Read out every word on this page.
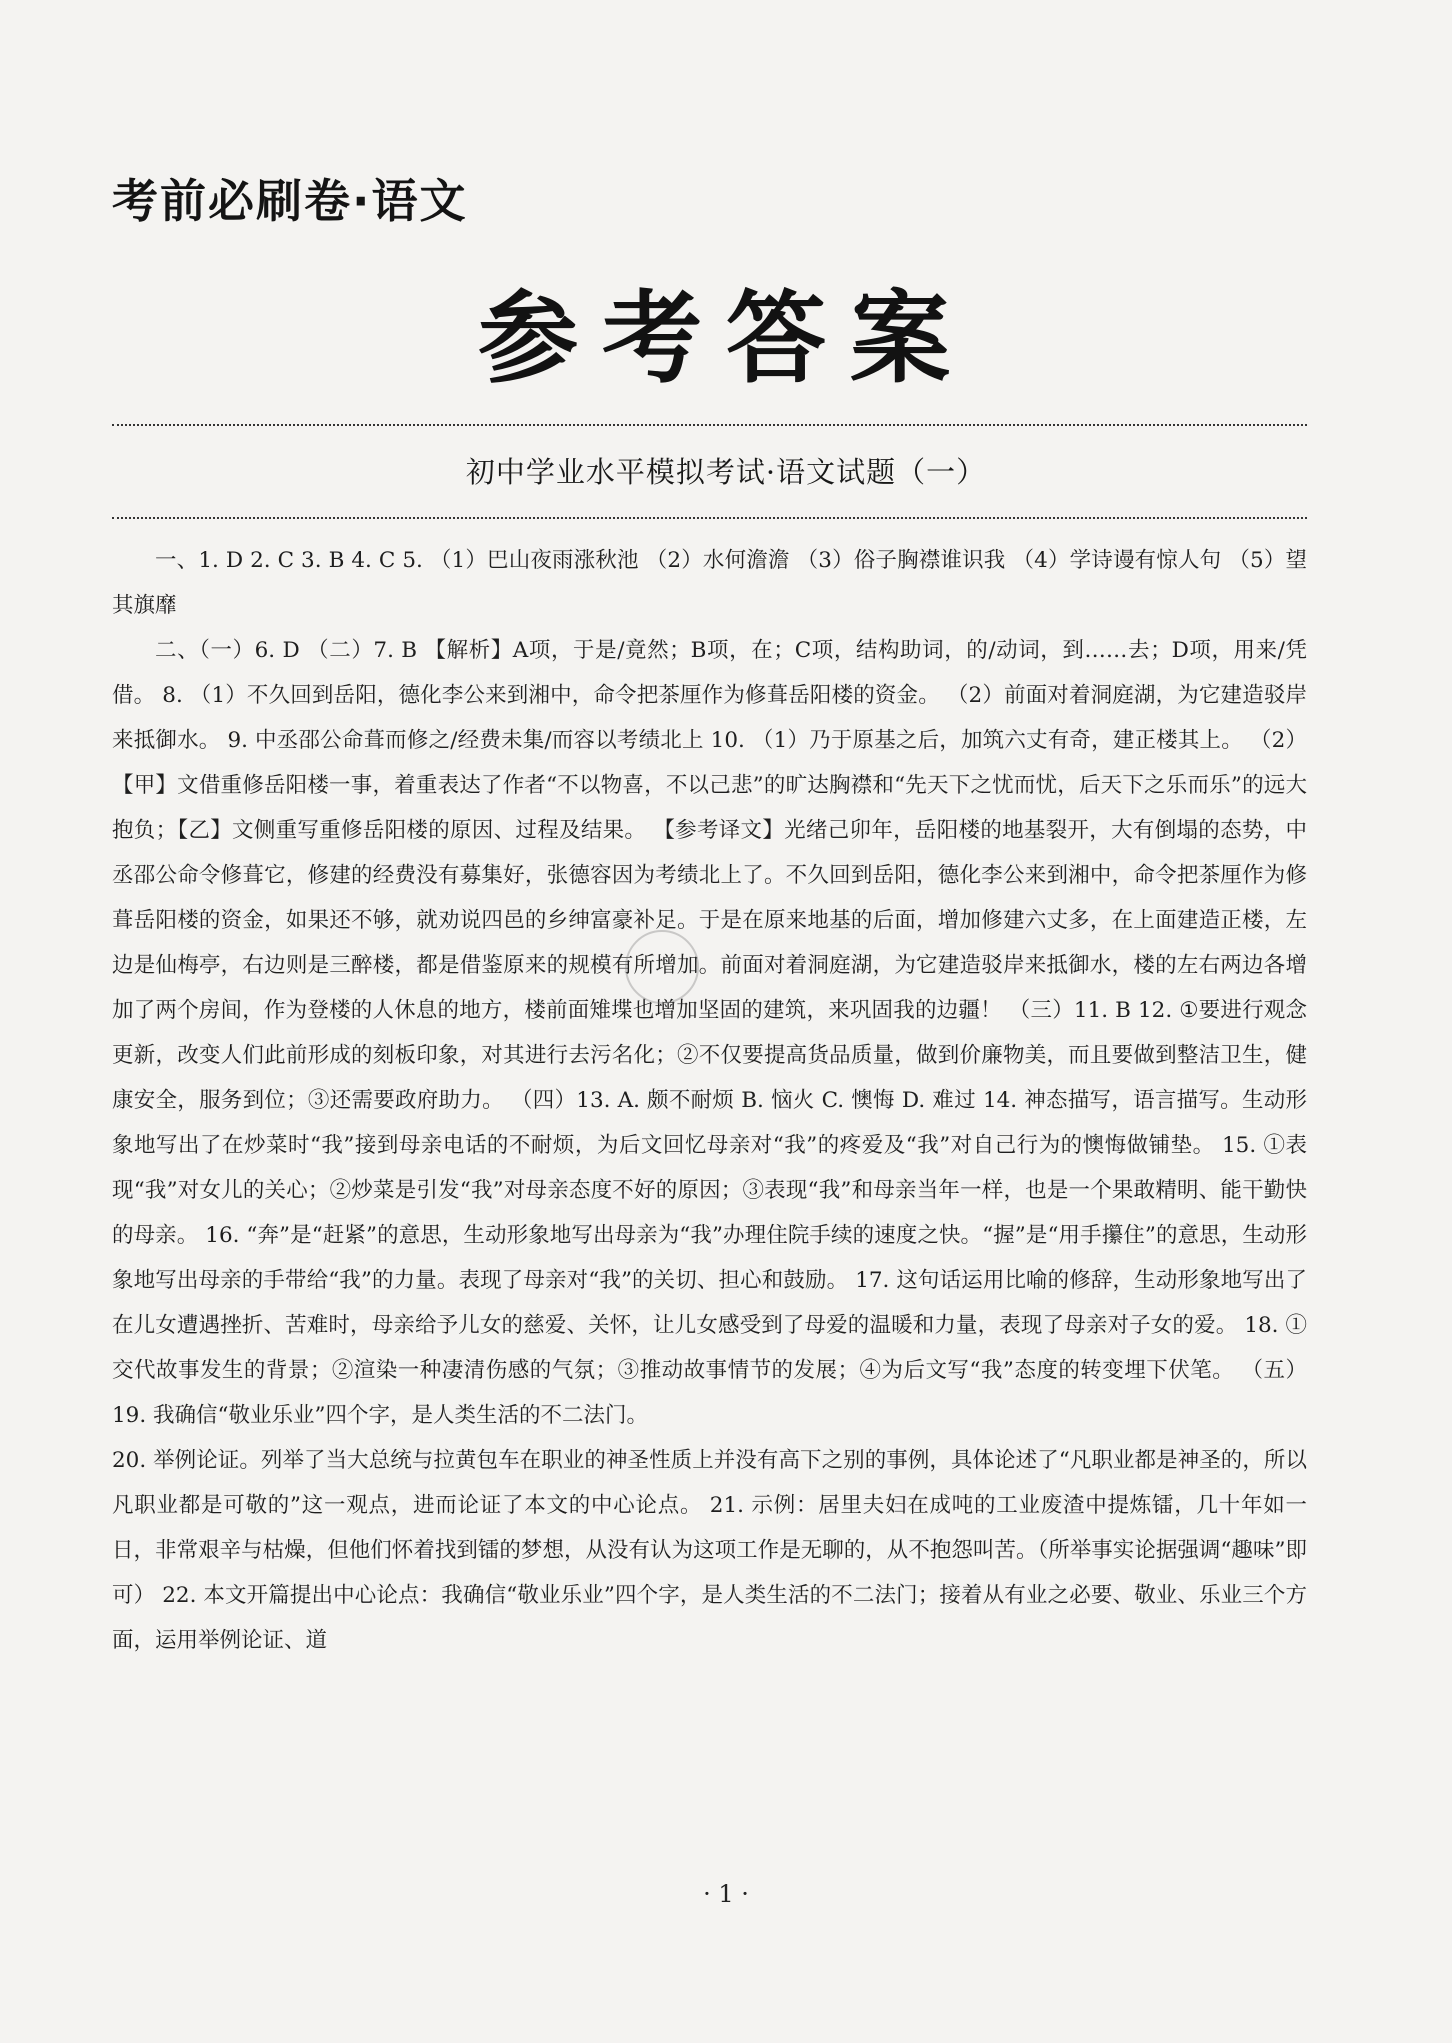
考前必刷卷·语文
参考答案
初中学业水平模拟考试·语文试题（一）

一、1. D 2. C 3. B 4. C 5. （1）巴山夜雨涨秋池 （2）水何澹澹 （3）俗子胸襟谁识我 （4）学诗谩有惊人句 （5）望其旗靡

二、（一）6. D （二）7. B 【解析】A项，于是/竟然；B项，在；C项，结构助词，的/动词，到……去；D项，用来/凭借。 8. （1）不久回到岳阳，德化李公来到湘中，命令把茶厘作为修葺岳阳楼的资金。 （2）前面对着洞庭湖，为它建造驳岸来抵御水。 9. 中丞邵公命葺而修之/经费未集/而容以考绩北上 10. （1）乃于原基之后，加筑六丈有奇，建正楼其上。 （2）【甲】文借重修岳阳楼一事，着重表达了作者“不以物喜，不以己悲”的旷达胸襟和“先天下之忧而忧，后天下之乐而乐”的远大抱负；【乙】文侧重写重修岳阳楼的原因、过程及结果。 【参考译文】光绪己卯年，岳阳楼的地基裂开，大有倒塌的态势，中丞邵公命令修葺它，修建的经费没有募集好，张德容因为考绩北上了。不久回到岳阳，德化李公来到湘中，命令把茶厘作为修葺岳阳楼的资金，如果还不够，就劝说四邑的乡绅富豪补足。于是在原来地基的后面，增加修建六丈多，在上面建造正楼，左边是仙梅亭，右边则是三醉楼，都是借鉴原来的规模有所增加。前面对着洞庭湖，为它建造驳岸来抵御水，楼的左右两边各增加了两个房间，作为登楼的人休息的地方，楼前面雉堞也增加坚固的建筑，来巩固我的边疆！ （三）11. B 12. ①要进行观念更新，改变人们此前形成的刻板印象，对其进行去污名化；②不仅要提高货品质量，做到价廉物美，而且要做到整洁卫生，健康安全，服务到位；③还需要政府助力。 （四）13. A. 颇不耐烦 B. 恼火 C. 懊悔 D. 难过 14. 神态描写，语言描写。生动形象地写出了在炒菜时“我”接到母亲电话的不耐烦，为后文回忆母亲对“我”的疼爱及“我”对自己行为的懊悔做铺垫。 15. ①表现“我”对女儿的关心；②炒菜是引发“我”对母亲态度不好的原因；③表现“我”和母亲当年一样，也是一个果敢精明、能干勤快的母亲。 16. “奔”是“赶紧”的意思，生动形象地写出母亲为“我”办理住院手续的速度之快。“握”是“用手攥住”的意思，生动形象地写出母亲的手带给“我”的力量。表现了母亲对“我”的关切、担心和鼓励。 17. 这句话运用比喻的修辞，生动形象地写出了在儿女遭遇挫折、苦难时，母亲给予儿女的慈爱、关怀，让儿女感受到了母爱的温暖和力量，表现了母亲对子女的爱。 18. ①交代故事发生的背景；②渲染一种凄清伤感的气氛；③推动故事情节的发展；④为后文写“我”态度的转变埋下伏笔。 （五）19. 我确信“敬业乐业”四个字，是人类生活的不二法门。

20. 举例论证。列举了当大总统与拉黄包车在职业的神圣性质上并没有高下之别的事例，具体论述了“凡职业都是神圣的，所以凡职业都是可敬的”这一观点，进而论证了本文的中心论点。 21. 示例：居里夫妇在成吨的工业废渣中提炼镭，几十年如一日，非常艰辛与枯燥，但他们怀着找到镭的梦想，从没有认为这项工作是无聊的，从不抱怨叫苦。（所举事实论据强调“趣味”即可） 22. 本文开篇提出中心论点：我确信“敬业乐业”四个字，是人类生活的不二法门；接着从有业之必要、敬业、乐业三个方面，运用举例论证、道

· 1 ·
